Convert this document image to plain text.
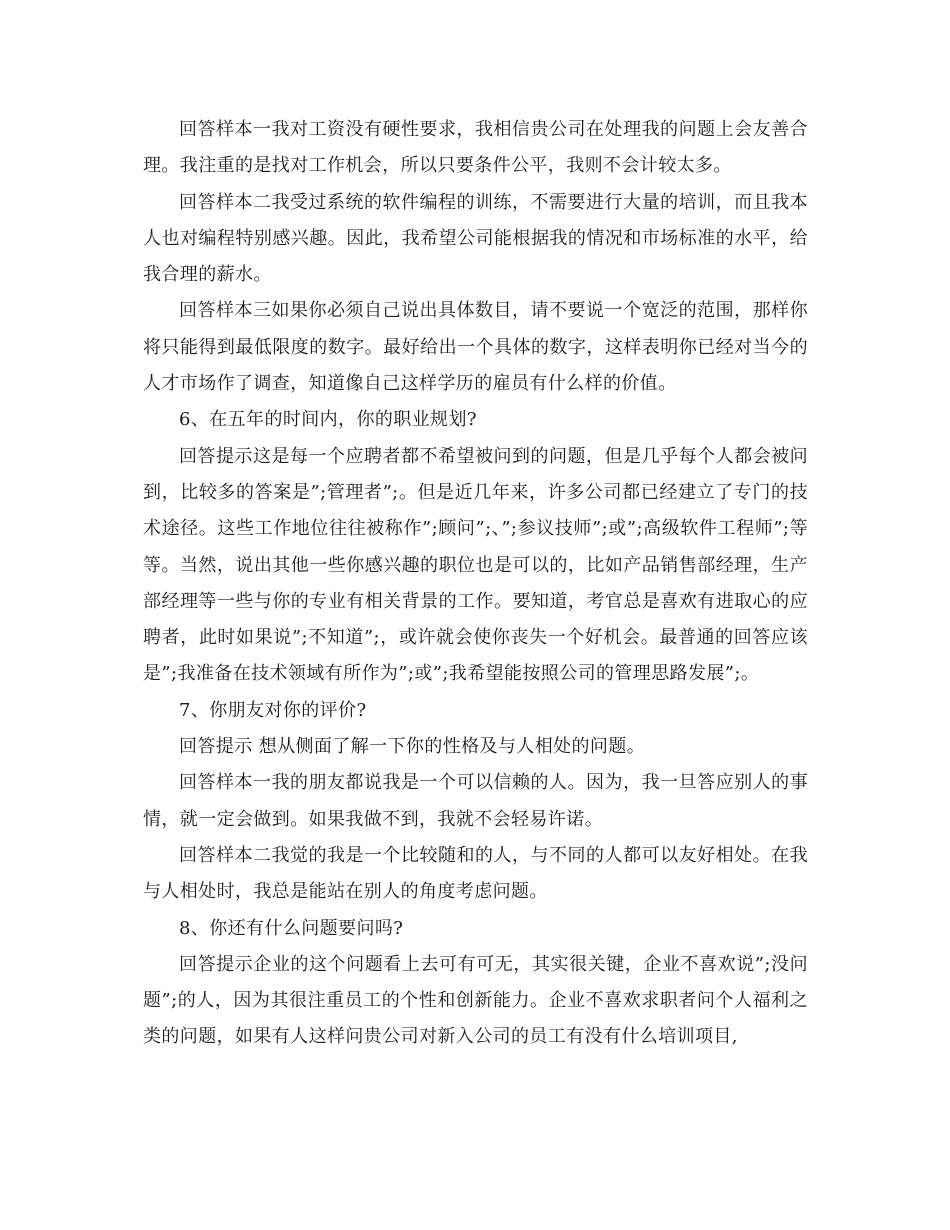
回答样本一我对工资没有硬性要求，我相信贵公司在处理我的问题上会友善合理。我注重的是找对工作机会，所以只要条件公平，我则不会计较太多。

回答样本二我受过系统的软件编程的训练，不需要进行大量的培训，而且我本人也对编程特别感兴趣。因此，我希望公司能根据我的情况和市场标准的水平，给我合理的薪水。

回答样本三如果你必须自己说出具体数目，请不要说一个宽泛的范围，那样你将只能得到最低限度的数字。最好给出一个具体的数字，这样表明你已经对当今的人才市场作了调查，知道像自己这样学历的雇员有什么样的价值。

6、在五年的时间内，你的职业规划?

回答提示这是每一个应聘者都不希望被问到的问题，但是几乎每个人都会被问到，比较多的答案是”;管理者”;。但是近几年来，许多公司都已经建立了专门的技术途径。这些工作地位往往被称作”;顾问”;、”;参议技师”;或”;高级软件工程师”;等等。当然，说出其他一些你感兴趣的职位也是可以的，比如产品销售部经理，生产部经理等一些与你的专业有相关背景的工作。要知道，考官总是喜欢有进取心的应聘者，此时如果说”;不知道”;，或许就会使你丧失一个好机会。最普通的回答应该是”;我准备在技术领域有所作为”;或”;我希望能按照公司的管理思路发展”;。

7、你朋友对你的评价?

回答提示 想从侧面了解一下你的性格及与人相处的问题。

回答样本一我的朋友都说我是一个可以信赖的人。因为，我一旦答应别人的事情，就一定会做到。如果我做不到，我就不会轻易许诺。

回答样本二我觉的我是一个比较随和的人，与不同的人都可以友好相处。在我与人相处时，我总是能站在别人的角度考虑问题。

8、你还有什么问题要问吗?

回答提示企业的这个问题看上去可有可无，其实很关键，企业不喜欢说”;没问题”;的人，因为其很注重员工的个性和创新能力。企业不喜欢求职者问个人福利之类的问题，如果有人这样问贵公司对新入公司的员工有没有什么培训项目,
